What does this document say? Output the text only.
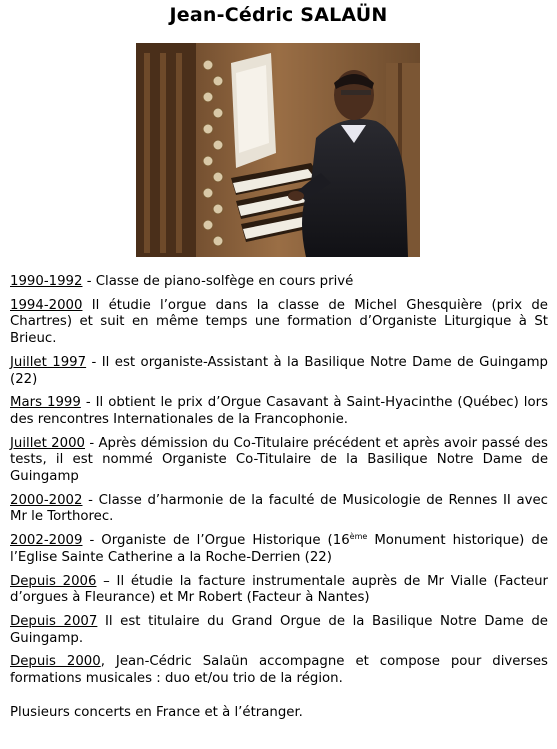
Jean-Cédric SALAÜN

1990-1992 - Classe de piano-solfège en cours privé

1994-2000 Il étudie l’orgue dans la classe de Michel Ghesquière (prix de Chartres) et suit en même temps une formation d’Organiste Liturgique à St Brieuc.

Juillet 1997 - Il est organiste-Assistant à la Basilique Notre Dame de Guingamp (22)

Mars 1999 - Il obtient le prix d’Orgue Casavant à Saint-Hyacinthe (Québec) lors des rencontres Internationales de la Francophonie.

Juillet 2000 - Après démission du Co-Titulaire précédent et après avoir passé des tests, il est nommé Organiste Co-Titulaire de la Basilique Notre Dame de Guingamp

2000-2002 - Classe d’harmonie de la faculté de Musicologie de Rennes II avec Mr le Torthorec.

2002-2009 - Organiste de l’Orgue Historique (16ème Monument historique) de l’Eglise Sainte Catherine a la Roche-Derrien (22)

Depuis 2006 – Il étudie la facture instrumentale auprès de Mr Vialle (Facteur d’orgues à Fleurance) et Mr Robert (Facteur à Nantes)

Depuis 2007 Il est titulaire du Grand Orgue de la Basilique Notre Dame de Guingamp.

Depuis 2000, Jean-Cédric Salaün accompagne et compose pour diverses formations musicales : duo et/ou trio de la région.

Plusieurs concerts en France et à l’étranger.
